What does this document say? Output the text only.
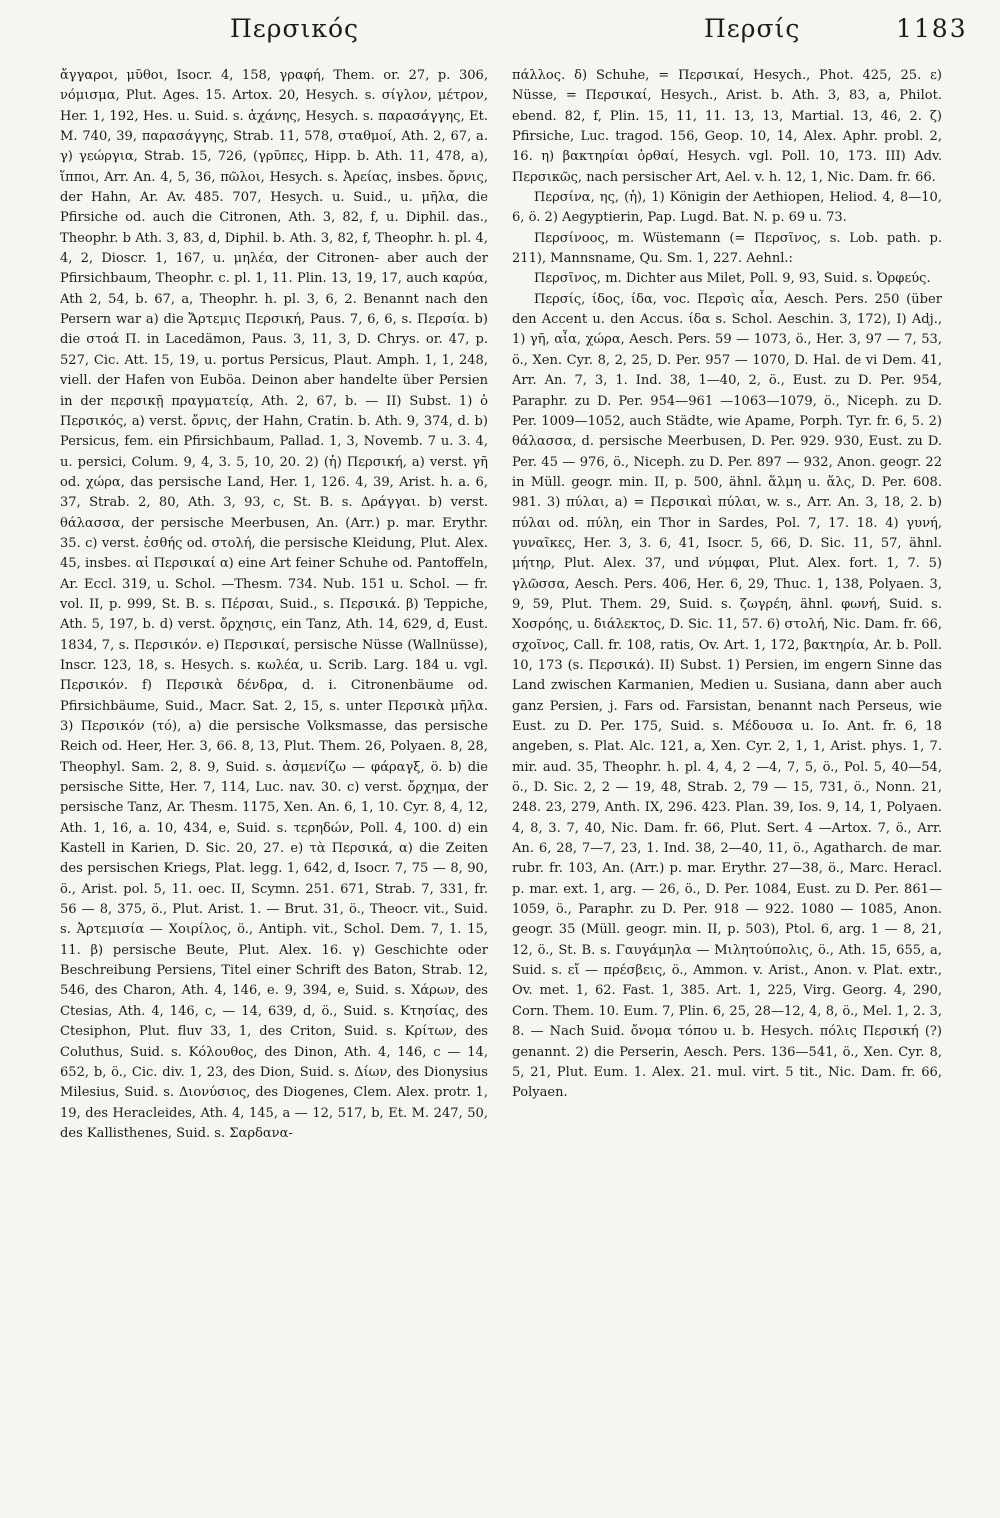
Περσικός	Περσίς	1183

ἄγγαροι, μῦθοι, Isocr. 4, 158, γραφή, Them. or. 27, p. 306, νόμισμα, Plut. Ages. 15. Artox. 20, Hesych. s. σίγλον, μέτρον, Her. 1, 192, Hes. u. Suid. s. ἀχάνης, Hesych. s. παρασάγγης, Et. M. 740, 39, παρασάγγης, Strab. 11, 578, σταθμοί, Ath. 2, 67, a. γ) γεώργια, Strab. 15, 726, (γρῦπες, Hipp. b. Ath. 11, 478, a), ἵπποι, Arr. An. 4, 5, 36, πῶλοι, Hesych. s. Ἀρείας, insbes. ὄρνις, der Hahn, Ar. Av. 485. 707, Hesych. u. Suid., u. μῆλα, die Pfirsiche od. auch die Citronen, Ath. 3, 82, f, u. Diphil. das., Theophr. b Ath. 3, 83, d, Diphil. b. Ath. 3, 82, f, Theophr. h. pl. 4, 4, 2, Dioscr. 1, 167, u. μηλέα, der Citronen- aber auch der Pfirsichbaum, Theophr. c. pl. 1, 11. Plin. 13, 19, 17, auch καρύα, Ath 2, 54, b. 67, a, Theophr. h. pl. 3, 6, 2. Benannt nach den Persern war a) die Ἄρτεμις Περσική, Paus. 7, 6, 6, s. Περσία. b) die στοά Π. in Lacedämon, Paus. 3, 11, 3, D. Chrys. or. 47, p. 527, Cic. Att. 15, 19, u. portus Persicus, Plaut. Amph. 1, 1, 248, viell. der Hafen von Euböa. Deinon aber handelte über Persien in der περσικῇ πραγματείᾳ, Ath. 2, 67, b. — II) Subst. 1) ὁ Περσικός, a) verst. ὄρνις, der Hahn, Cratin. b. Ath. 9, 374, d. b) Persicus, fem. ein Pfirsichbaum, Pallad. 1, 3, Novemb. 7 u. 3. 4, u. persici, Colum. 9, 4, 3. 5, 10, 20. 2) (ἡ) Περσική, a) verst. γῆ od. χώρα, das persische Land, Her. 1, 126. 4, 39, Arist. h. a. 6, 37, Strab. 2, 80, Ath. 3, 93, c, St. B. s. Δράγγαι. b) verst. θάλασσα, der persische Meerbusen, An. (Arr.) p. mar. Erythr. 35. c) verst. ἐσθής od. στολή, die persische Kleidung, Plut. Alex. 45, insbes. αἱ Περσικαί α) eine Art feiner Schuhe od. Pantoffeln, Ar. Eccl. 319, u. Schol. —Thesm. 734. Nub. 151 u. Schol. — fr. vol. II, p. 999, St. B. s. Πέρσαι, Suid., s. Περσικά. β) Teppiche, Ath. 5, 197, b. d) verst. ὄρχησις, ein Tanz, Ath. 14, 629, d, Eust. 1834, 7, s. Περσικόν. e) Περσικαί, persische Nüsse (Wallnüsse), Inscr. 123, 18, s. Hesych. s. κωλέα, u. Scrib. Larg. 184 u. vgl. Περσικόν. f) Περσικὰ δένδρα, d. i. Citronenbäume od. Pfirsichbäume, Suid., Macr. Sat. 2, 15, s. unter Περσικὰ μῆλα. 3) Περσικόν (τό), a) die persische Volksmasse, das persische Reich od. Heer, Her. 3, 66. 8, 13, Plut. Them. 26, Polyaen. 8, 28, Theophyl. Sam. 2, 8. 9, Suid. s. ἀσμενίζω — φάραγξ, ö. b) die persische Sitte, Her. 7, 114, Luc. nav. 30. c) verst. ὄρχημα, der persische Tanz, Ar. Thesm. 1175, Xen. An. 6, 1, 10. Cyr. 8, 4, 12, Ath. 1, 16, a. 10, 434, e, Suid. s. τερηδών, Poll. 4, 100. d) ein Kastell in Karien, D. Sic. 20, 27. e) τὰ Περσικά, α) die Zeiten des persischen Kriegs, Plat. legg. 1, 642, d, Isocr. 7, 75 — 8, 90, ö., Arist. pol. 5, 11. oec. II, Scymn. 251. 671, Strab. 7, 331, fr. 56 — 8, 375, ö., Plut. Arist. 1. — Brut. 31, ö., Theocr. vit., Suid. s. Ἀρτεμισία — Χοιρίλος, ö., Antiph. vit., Schol. Dem. 7, 1. 15, 11. β) persische Beute, Plut. Alex. 16. γ) Geschichte oder Beschreibung Persiens, Titel einer Schrift des Baton, Strab. 12, 546, des Charon, Ath. 4, 146, e. 9, 394, e, Suid. s. Χάρων, des Ctesias, Ath. 4, 146, c, — 14, 639, d, ö., Suid. s. Κτησίας, des Ctesiphon, Plut. fluv 33, 1, des Criton, Suid. s. Κρίτων, des Coluthus, Suid. s. Κόλουθος, des Dinon, Ath. 4, 146, c — 14, 652, b, ö., Cic. div. 1, 23, des Dion, Suid. s. Δίων, des Dionysius Milesius, Suid. s. Διονύσιος, des Diogenes, Clem. Alex. protr. 1, 19, des Heracleides, Ath. 4, 145, a — 12, 517, b, Et. M. 247, 50, des Kallisthenes, Suid. s. Σαρδανα-

πάλλος. δ) Schuhe, = Περσικαί, Hesych., Phot. 425, 25. ε) Nüsse, = Περσικαί, Hesych., Arist. b. Ath. 3, 83, a, Philot. ebend. 82, f, Plin. 15, 11, 11. 13, 13, Martial. 13, 46, 2. ζ) Pfirsiche, Luc. tragod. 156, Geop. 10, 14, Alex. Aphr. probl. 2, 16. η) βακτηρίαι ὀρθαί, Hesych. vgl. Poll. 10, 173. III) Adv. Περσικῶς, nach persischer Art, Ael. v. h. 12, 1, Nic. Dam. fr. 66.

Περσίνα, ης, (ἡ), 1) Königin der Aethiopen, Heliod. 4, 8—10, 6, ö. 2) Aegyptierin, Pap. Lugd. Bat. N. p. 69 u. 73.

Περσίνοος, m. Wüstemann (= Περσῖνος, s. Lob. path. p. 211), Mannsname, Qu. Sm. 1, 227. Aehnl.:

Περσῖνος, m. Dichter aus Milet, Poll. 9, 93, Suid. s. Ὀρφεύς.

Περσίς, ίδος, ίδα, voc. Περσὶς αἶα, Aesch. Pers. 250 (über den Accent u. den Accus. ίδα s. Schol. Aeschin. 3, 172), I) Adj., 1) γῆ, αἶα, χώρα, Aesch. Pers. 59 — 1073, ö., Her. 3, 97 — 7, 53, ö., Xen. Cyr. 8, 2, 25, D. Per. 957 — 1070, D. Hal. de vi Dem. 41, Arr. An. 7, 3, 1. Ind. 38, 1—40, 2, ö., Eust. zu D. Per. 954, Paraphr. zu D. Per. 954—961 —1063—1079, ö., Niceph. zu D. Per. 1009—1052, auch Städte, wie Apame, Porph. Tyr. fr. 6, 5. 2) θάλασσα, d. persische Meerbusen, D. Per. 929. 930, Eust. zu D. Per. 45 — 976, ö., Niceph. zu D. Per. 897 — 932, Anon. geogr. 22 in Müll. geogr. min. II, p. 500, ähnl. ἅλμη u. ἅλς, D. Per. 608. 981. 3) πύλαι, a) = Περσικαὶ πύλαι, w. s., Arr. An. 3, 18, 2. b) πύλαι od. πύλη, ein Thor in Sardes, Pol. 7, 17. 18. 4) γυνή, γυναῖκες, Her. 3, 3. 6, 41, Isocr. 5, 66, D. Sic. 11, 57, ähnl. μήτηρ, Plut. Alex. 37, und νύμφαι, Plut. Alex. fort. 1, 7. 5) γλῶσσα, Aesch. Pers. 406, Her. 6, 29, Thuc. 1, 138, Polyaen. 3, 9, 59, Plut. Them. 29, Suid. s. ζωγρέη, ähnl. φωνή, Suid. s. Χοσρόης, u. διάλεκτος, D. Sic. 11, 57. 6) στολή, Nic. Dam. fr. 66, σχοῖνος, Call. fr. 108, ratis, Ov. Art. 1, 172, βακτηρία, Ar. b. Poll. 10, 173 (s. Περσικά). II) Subst. 1) Persien, im engern Sinne das Land zwischen Karmanien, Medien u. Susiana, dann aber auch ganz Persien, j. Fars od. Farsistan, benannt nach Perseus, wie Eust. zu D. Per. 175, Suid. s. Μέδουσα u. Io. Ant. fr. 6, 18 angeben, s. Plat. Alc. 121, a, Xen. Cyr. 2, 1, 1, Arist. phys. 1, 7. mir. aud. 35, Theophr. h. pl. 4, 4, 2 —4, 7, 5, ö., Pol. 5, 40—54, ö., D. Sic. 2, 2 — 19, 48, Strab. 2, 79 — 15, 731, ö., Nonn. 21, 248. 23, 279, Anth. IX, 296. 423. Plan. 39, Ios. 9, 14, 1, Polyaen. 4, 8, 3. 7, 40, Nic. Dam. fr. 66, Plut. Sert. 4 —Artox. 7, ö., Arr. An. 6, 28, 7—7, 23, 1. Ind. 38, 2—40, 11, ö., Agatharch. de mar. rubr. fr. 103, An. (Arr.) p. mar. Erythr. 27—38, ö., Marc. Heracl. p. mar. ext. 1, arg. — 26, ö., D. Per. 1084, Eust. zu D. Per. 861—1059, ö., Paraphr. zu D. Per. 918 — 922. 1080 — 1085, Anon. geogr. 35 (Müll. geogr. min. II, p. 503), Ptol. 6, arg. 1 — 8, 21, 12, ö., St. B. s. Γαυγάμηλα — Μιλητούπολις, ö., Ath. 15, 655, a, Suid. s. εἴ — πρέσβεις, ö., Ammon. v. Arist., Anon. v. Plat. extr., Ov. met. 1, 62. Fast. 1, 385. Art. 1, 225, Virg. Georg. 4, 290, Corn. Them. 10. Eum. 7, Plin. 6, 25, 28—12, 4, 8, ö., Mel. 1, 2. 3, 8. — Nach Suid. ὄνομα τόπου u. b. Hesych. πόλις Περσική (?) genannt. 2) die Perserin, Aesch. Pers. 136—541, ö., Xen. Cyr. 8, 5, 21, Plut. Eum. 1. Alex. 21. mul. virt. 5 tit., Nic. Dam. fr. 66, Polyaen.
